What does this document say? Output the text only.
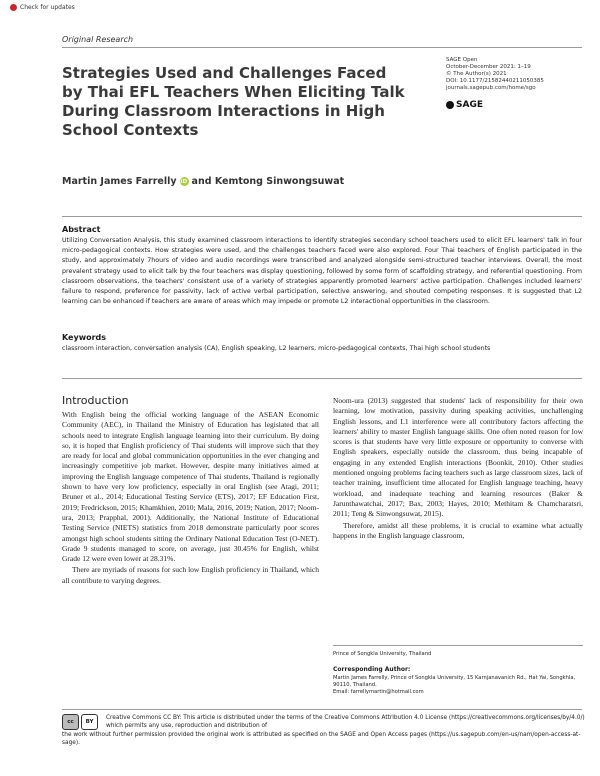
Check for updates
Original Research
Strategies Used and Challenges Faced by Thai EFL Teachers When Eliciting Talk During Classroom Interactions in High School Contexts
SAGE Open
October-December 2021: 1–19
© The Author(s) 2021
DOI: 10.1177/21582440211050385
journals.sagepub.com/home/sgo
SAGE
Martin James Farrelly iD and Kemtong Sinwongsuwat
Abstract
Utilizing Conversation Analysis, this study examined classroom interactions to identify strategies secondary school teachers used to elicit EFL learners' talk in four micro-pedagogical contexts. How strategies were used, and the challenges teachers faced were also explored. Four Thai teachers of English participated in the study, and approximately 7hours of video and audio recordings were transcribed and analyzed alongside semi-structured teacher interviews. Overall, the most prevalent strategy used to elicit talk by the four teachers was display questioning, followed by some form of scaffolding strategy, and referential questioning. From classroom observations, the teachers' consistent use of a variety of strategies apparently promoted learners' active participation. Challenges included learners' failure to respond, preference for passivity, lack of active verbal participation, selective answering, and shouted competing responses. It is suggested that L2 learning can be enhanced if teachers are aware of areas which may impede or promote L2 interactional opportunities in the classroom.
Keywords
classroom interaction, conversation analysis (CA), English speaking, L2 learners, micro-pedagogical contexts, Thai high school students
Introduction

With English being the official working language of the ASEAN Economic Community (AEC), in Thailand the Ministry of Education has legislated that all schools need to integrate English language learning into their curriculum. By doing so, it is hoped that English proficiency of Thai students will improve such that they are ready for local and global communication opportunities in the ever changing and increasingly competitive job market. However, despite many initiatives aimed at improving the English language competence of Thai students, Thailand is regionally shown to have very low proficiency, especially in oral English (see Atagi, 2011; Bruner et al., 2014; Educational Testing Service (ETS), 2017; EF Education First, 2019; Fredrickson, 2015; Khamkhien, 2010; Mala, 2016, 2019; Nation, 2017; Noom-ura, 2013; Prapphal, 2001). Additionally, the National Institute of Educational Testing Service (NIETS) statistics from 2018 demonstrate particularly poor scores amongst high school students sitting the Ordinary National Education Test (O-NET). Grade 9 students managed to score, on average, just 30.45% for English, whilst Grade 12 were even lower at 28.31%.

There are myriads of reasons for such low English proficiency in Thailand, which all contribute to varying degrees.

Noom-ura (2013) suggested that students' lack of responsibility for their own learning, low motivation, passivity during speaking activities, unchallenging English lessons, and L1 interference were all contributory factors affecting the learners' ability to master English language skills. One often noted reason for low scores is that students have very little exposure or opportunity to converse with English speakers, especially outside the classroom, thus being incapable of engaging in any extended English interactions (Boonkit, 2010). Other studies mentioned ongoing problems facing teachers such as large classroom sizes, lack of teacher training, insufficient time allocated for English language teaching, heavy workload, and inadequate teaching and learning resources (Baker & Jarunthawatchai, 2017; Bax, 2003; Hayes, 2010; Methitam & Chamcharatsri, 2011; Teng & Sinwongsuwat, 2015).

Therefore, amidst all these problems, it is crucial to examine what actually happens in the English language classroom,

Prince of Songkla University, Thailand
Corresponding Author:
Martin James Farrelly, Prince of Songkla University, 15 Karnjanavanich Rd., Hat Yai, Songkhla, 90110, Thailand.
Email: farrellymartin@hotmail.com
cc	BY
Creative Commons CC BY: This article is distributed under the terms of the Creative Commons Attribution 4.0 License (https://creativecommons.org/licenses/by/4.0/) which permits any use, reproduction and distribution of
the work without further permission provided the original work is attributed as specified on the SAGE and Open Access pages (https://us.sagepub.com/en-us/nam/open-access-at-sage).
